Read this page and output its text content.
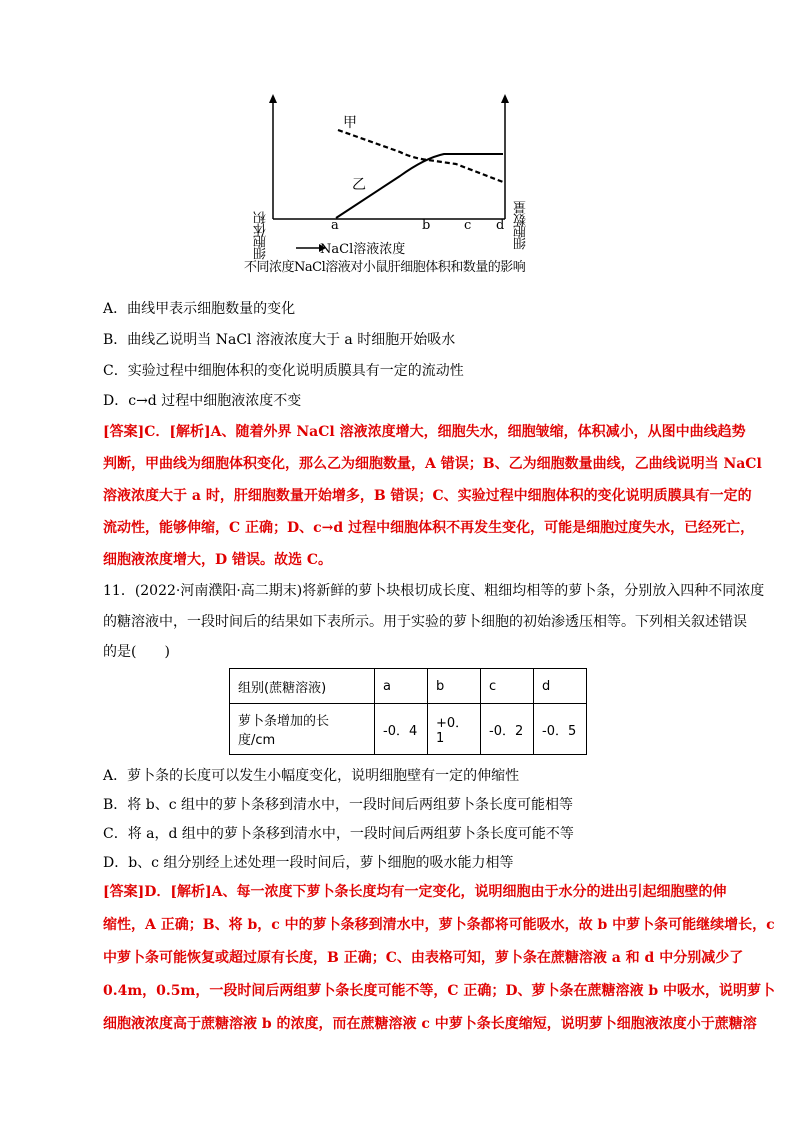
细胞体积	细胞数量
甲
乙
a	b	c d
NaCl溶液浓度
不同浓度NaCl溶液对小鼠肝细胞体积和数量的影响
A．曲线甲表示细胞数量的变化
B．曲线乙说明当 NaCl 溶液浓度大于 a 时细胞开始吸水
C．实验过程中细胞体积的变化说明质膜具有一定的流动性
D．c→d 过程中细胞液浓度不变
[答案]C．[解析]A、随着外界 NaCl 溶液浓度增大，细胞失水，细胞皱缩，体积减小，从图中曲线趋势
判断，甲曲线为细胞体积变化，那么乙为细胞数量，A 错误；B、乙为细胞数量曲线，乙曲线说明当 NaCl
溶液浓度大于 a 时，肝细胞数量开始增多，B 错误；C、实验过程中细胞体积的变化说明质膜具有一定的
流动性，能够伸缩，C 正确；D、c→d 过程中细胞体积不再发生变化，可能是细胞过度失水，已经死亡，
细胞液浓度增大，D 错误。故选 C。
11．(2022·河南濮阳·高二期末)将新鲜的萝卜块根切成长度、粗细均相等的萝卜条，分别放入四种不同浓度
的糖溶液中，一段时间后的结果如下表所示。用于实验的萝卜细胞的初始渗透压相等。下列相关叙述错误
的是(　　)
组别(蔗糖溶液)	a	b	c	d
萝卜条增加的长度/cm	-0．4	+0．1	-0．2	-0．5
A．萝卜条的长度可以发生小幅度变化，说明细胞壁有一定的伸缩性
B．将 b、c 组中的萝卜条移到清水中，一段时间后两组萝卜条长度可能相等
C．将 a，d 组中的萝卜条移到清水中，一段时间后两组萝卜条长度可能不等
D．b、c 组分别经上述处理一段时间后，萝卜细胞的吸水能力相等
[答案]D．[解析]A、每一浓度下萝卜条长度均有一定变化，说明细胞由于水分的进出引起细胞壁的伸
缩性，A 正确；B、将 b，c 中的萝卜条移到清水中，萝卜条都将可能吸水，故 b 中萝卜条可能继续增长，c
中萝卜条可能恢复或超过原有长度，B 正确；C、由表格可知，萝卜条在蔗糖溶液 a 和 d 中分别减少了
0.4m，0.5m，一段时间后两组萝卜条长度可能不等，C 正确；D、萝卜条在蔗糖溶液 b 中吸水，说明萝卜
细胞液浓度高于蔗糖溶液 b 的浓度，而在蔗糖溶液 c 中萝卜条长度缩短，说明萝卜细胞液浓度小于蔗糖溶
